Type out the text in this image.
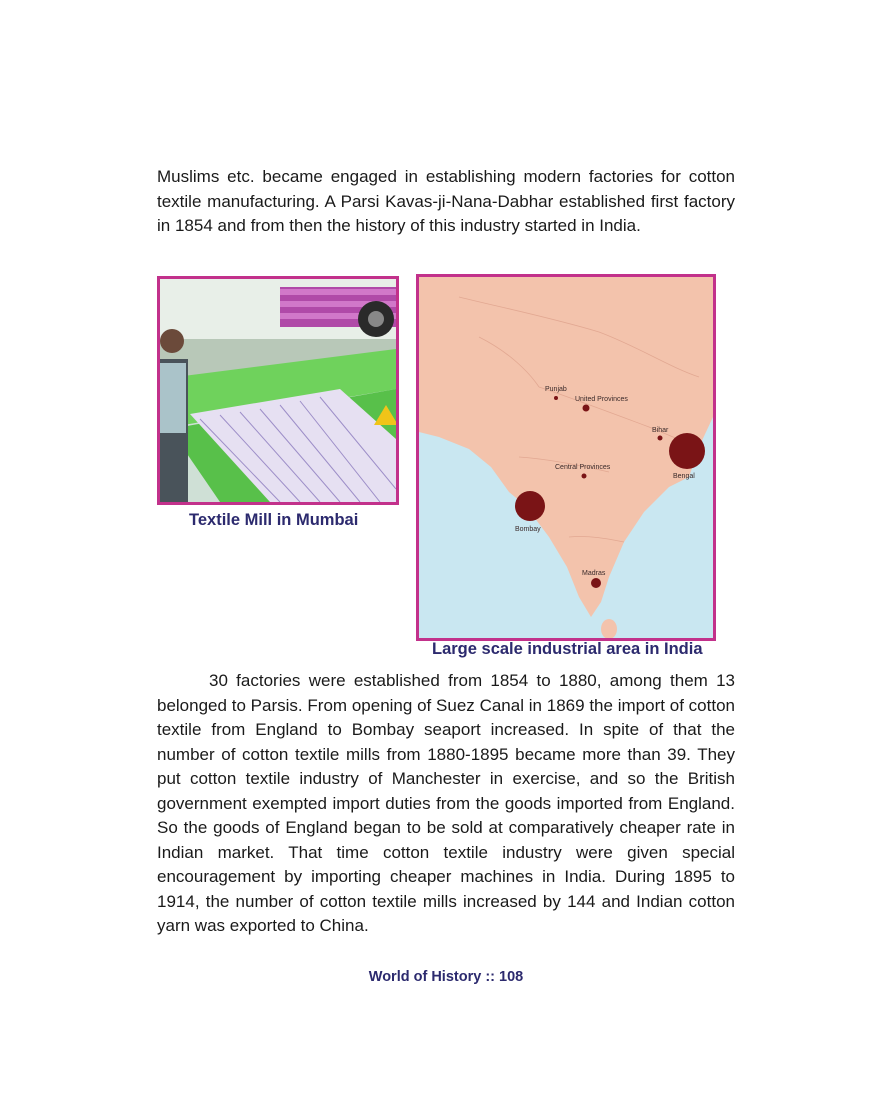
Muslims etc. became engaged in establishing modern factories for cotton textile manufacturing. A Parsi Kavas-ji-Nana-Dabhar established first factory in 1854 and from then the history of this industry started in India.

Textile Mill in Mumbai

Punjab
United Provinces
Bihar
Bengal
Central Provinces
Bombay
Madras

Large scale industrial area in India

30 factories were established from 1854 to 1880, among them 13 belonged to Parsis. From opening of Suez Canal in 1869 the import of cotton textile from England to Bombay seaport increased. In spite of that the number of cotton textile mills from 1880-1895 became more than 39. They put cotton textile industry of Manchester in exercise, and so the British government exempted import duties from the goods imported from England. So the goods of England began to be sold at comparatively cheaper rate in Indian market. That time cotton textile industry were given special encouragement by importing cheaper machines in India. During 1895 to 1914, the number of cotton textile mills increased by 144 and Indian cotton yarn was exported to China.

World of History :: 108
